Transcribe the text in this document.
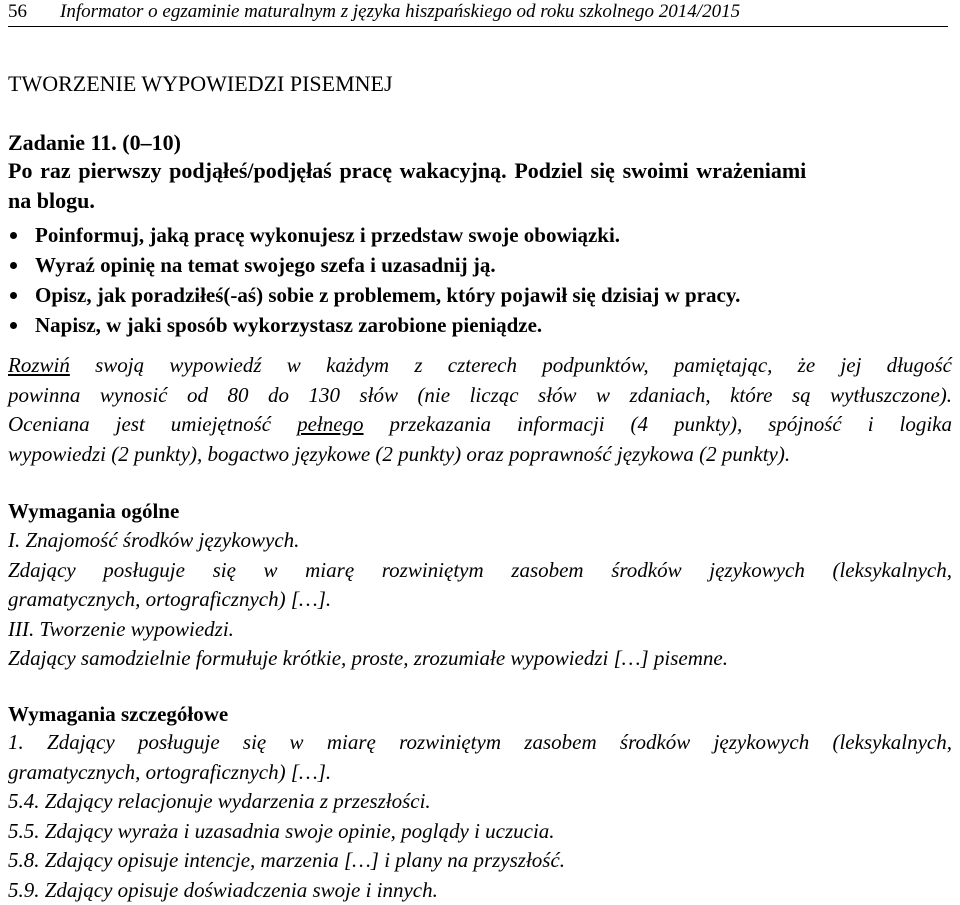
56 Informator o egzaminie maturalnym z języka hiszpańskiego od roku szkolnego 2014/2015
TWORZENIE WYPOWIEDZI PISEMNEJ
Zadanie 11. (0–10)
Po raz pierwszy podjąłeś/podjęłaś pracę wakacyjną. Podziel się swoimi wrażeniami
na blogu.
Poinformuj, jaką pracę wykonujesz i przedstaw swoje obowiązki.
Wyraź opinię na temat swojego szefa i uzasadnij ją.
Opisz, jak poradziłeś(-aś) sobie z problemem, który pojawił się dzisiaj w pracy.
Napisz, w jaki sposób wykorzystasz zarobione pieniądze.
Rozwiń swoją wypowiedź w każdym z czterech podpunktów, pamiętając, że jej długość
powinna wynosić od 80 do 130 słów (nie licząc słów w zdaniach, które są wytłuszczone).
Oceniana jest umiejętność pełnego przekazania informacji (4 punkty), spójność i logika
wypowiedzi (2 punkty), bogactwo językowe (2 punkty) oraz poprawność językowa (2 punkty).
Wymagania ogólne
I. Znajomość środków językowych.
Zdający posługuje się w miarę rozwiniętym zasobem środków językowych (leksykalnych,
gramatycznych, ortograficznych) […].
III. Tworzenie wypowiedzi.
Zdający samodzielnie formułuje krótkie, proste, zrozumiałe wypowiedzi […] pisemne.
Wymagania szczegółowe
1. Zdający posługuje się w miarę rozwiniętym zasobem środków językowych (leksykalnych,
gramatycznych, ortograficznych) […].
5.4. Zdający relacjonuje wydarzenia z przeszłości.
5.5. Zdający wyraża i uzasadnia swoje opinie, poglądy i uczucia.
5.8. Zdający opisuje intencje, marzenia […] i plany na przyszłość.
5.9. Zdający opisuje doświadczenia swoje i innych.
